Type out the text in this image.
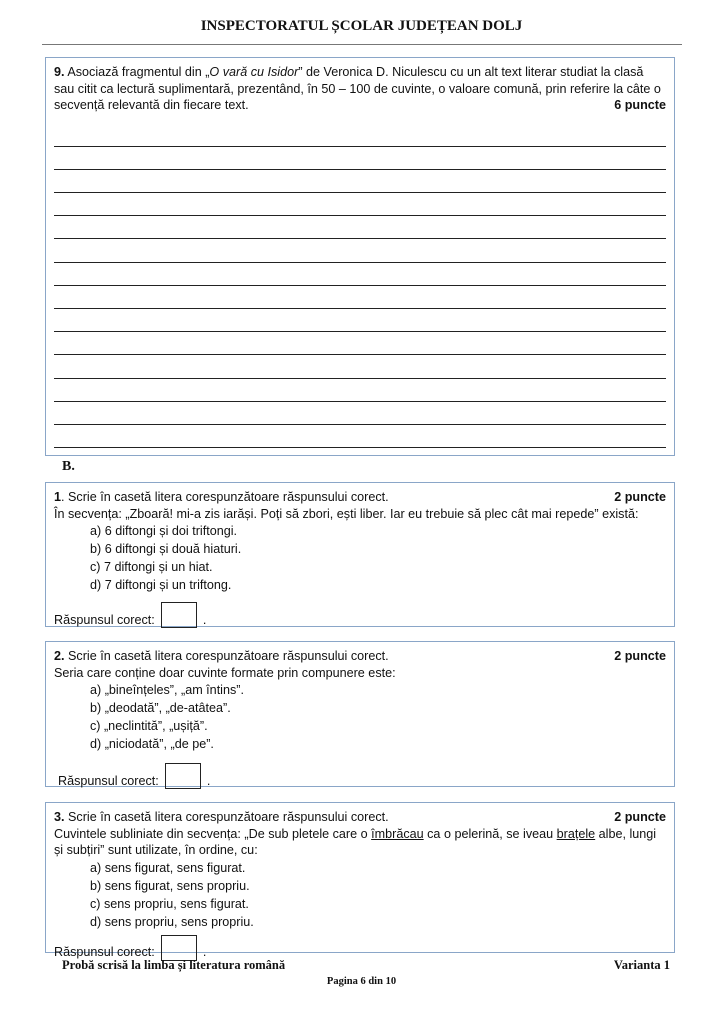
INSPECTORATUL ȘCOLAR JUDEȚEAN DOLJ
9. Asociază fragmentul din „O vară cu Isidor” de Veronica D. Niculescu cu un alt text literar studiat la clasă sau citit ca lectură suplimentară, prezentând, în 50 – 100 de cuvinte, o valoare comună, prin referire la câte o secvență relevantă din fiecare text.	6 puncte
B.
1. Scrie în casetă litera corespunzătoare răspunsului corect.	2 puncte
În secvența: „Zboară! mi-a zis iarăși. Poți să zbori, ești liber. Iar eu trebuie să plec cât mai repede” există:
a) 6 diftongi și doi triftongi.
b) 6 diftongi și două hiaturi.
c) 7 diftongi și un hiat.
d) 7 diftongi și un triftong.
Răspunsul corect:	.
2. Scrie în casetă litera corespunzătoare răspunsului corect.	2 puncte
Seria care conține doar cuvinte formate prin compunere este:
a) „bineînțeles”, „am întins”.
b) „deodată”, „de-atâtea”.
c) „neclintită”, „ușiță”.
d) „niciodată”, „de pe”.
Răspunsul corect:	.
3. Scrie în casetă litera corespunzătoare răspunsului corect.	2 puncte
Cuvintele subliniate din secvența: „De sub pletele care o îmbrăcau ca o pelerină, se iveau brațele albe, lungi și subțiri” sunt utilizate, în ordine, cu:
a) sens figurat, sens figurat.
b) sens figurat, sens propriu.
c) sens propriu, sens figurat.
d) sens propriu, sens propriu.
Răspunsul corect:	.
Probă scrisă la limba și literatura română	Varianta 1
Pagina 6 din 10
